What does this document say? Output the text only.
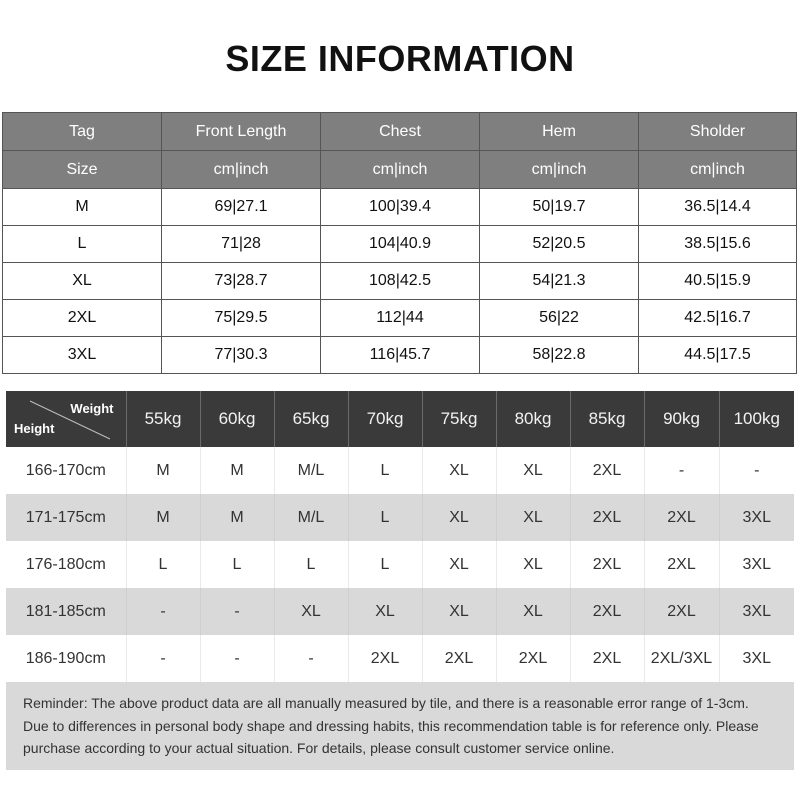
SIZE INFORMATION
Tag	Front Length	Chest	Hem	Sholder
Size	cm|inch	cm|inch	cm|inch	cm|inch
M	69|27.1	100|39.4	50|19.7	36.5|14.4
L	71|28	104|40.9	52|20.5	38.5|15.6
XL	73|28.7	108|42.5	54|21.3	40.5|15.9
2XL	75|29.5	112|44	56|22	42.5|16.7
3XL	77|30.3	116|45.7	58|22.8	44.5|17.5
Weight
Height	55kg	60kg	65kg	70kg	75kg	80kg	85kg	90kg	100kg
166-170cm	M	M	M/L	L	XL	XL	2XL	-	-
171-175cm	M	M	M/L	L	XL	XL	2XL	2XL	3XL
176-180cm	L	L	L	L	XL	XL	2XL	2XL	3XL
181-185cm	-	-	XL	XL	XL	XL	2XL	2XL	3XL
186-190cm	-	-	-	2XL	2XL	2XL	2XL	2XL/3XL	3XL
Reminder: The above product data are all manually measured by tile, and there is a reasonable error range of 1-3cm.
Due to differences in personal body shape and dressing habits, this recommendation table is for reference only. Please
purchase according to your actual situation. For details, please consult customer service online.
